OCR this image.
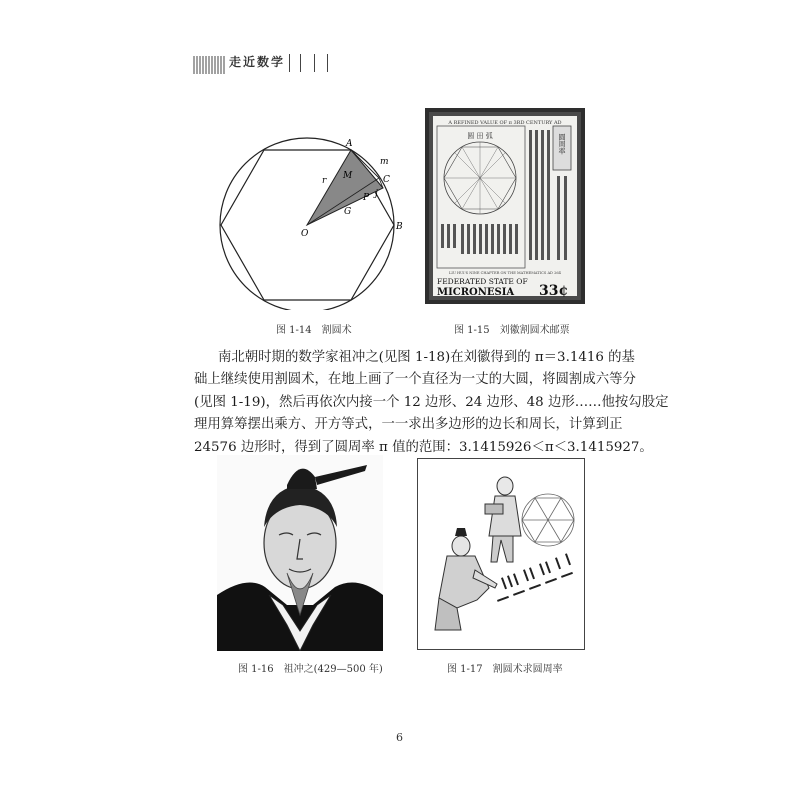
走近数学
A
m
C
M
r
P j
G
O
B
图 1-14　割圆术
A REFINED VALUE OF π 3RD CENTURY AD
圆 田 弧	圆周率
LIU HUI'S NINE CHAPTER ON THE MATHEMATICS AD 264
FEDERATED STATE OF
MICRONESIA 33¢
图 1-15　刘徽割圆术邮票
南北朝时期的数学家祖冲之(见图 1-18)在刘徽得到的 π＝3.1416 的基
础上继续使用割圆术，在地上画了一个直径为一丈的大圆，将圆割成六等分
(见图 1-19)，然后再依次内接一个 12 边形、24 边形、48 边形……他按勾股定
理用算筹摆出乘方、开方等式，一一求出多边形的边长和周长，计算到正
24576 边形时，得到了圆周率 π 值的范围：3.1415926＜π＜3.1415927。
图 1-16　祖冲之(429—500 年)	图 1-17　割圆术求圆周率
6
